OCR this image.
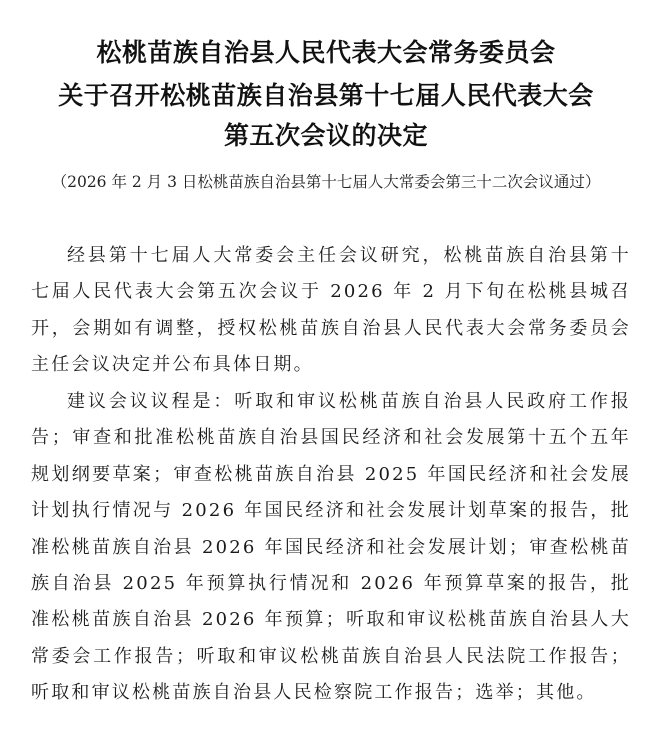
松桃苗族自治县人民代表大会常务委员会
关于召开松桃苗族自治县第十七届人民代表大会
第五次会议的决定
（2026 年 2 月 3 日松桃苗族自治县第十七届人大常委会第三十二次会议通过）

经县第十七届人大常委会主任会议研究，松桃苗族自治县第十七届人民代表大会第五次会议于 2026 年 2 月下旬在松桃县城召开，会期如有调整，授权松桃苗族自治县人民代表大会常务委员会主任会议决定并公布具体日期。

建议会议议程是：听取和审议松桃苗族自治县人民政府工作报告；审查和批准松桃苗族自治县国民经济和社会发展第十五个五年规划纲要草案；审查松桃苗族自治县 2025 年国民经济和社会发展计划执行情况与 2026 年国民经济和社会发展计划草案的报告，批准松桃苗族自治县 2026 年国民经济和社会发展计划；审查松桃苗族自治县 2025 年预算执行情况和 2026 年预算草案的报告，批准松桃苗族自治县 2026 年预算；听取和审议松桃苗族自治县人大常委会工作报告；听取和审议松桃苗族自治县人民法院工作报告；听取和审议松桃苗族自治县人民检察院工作报告；选举；其他。
